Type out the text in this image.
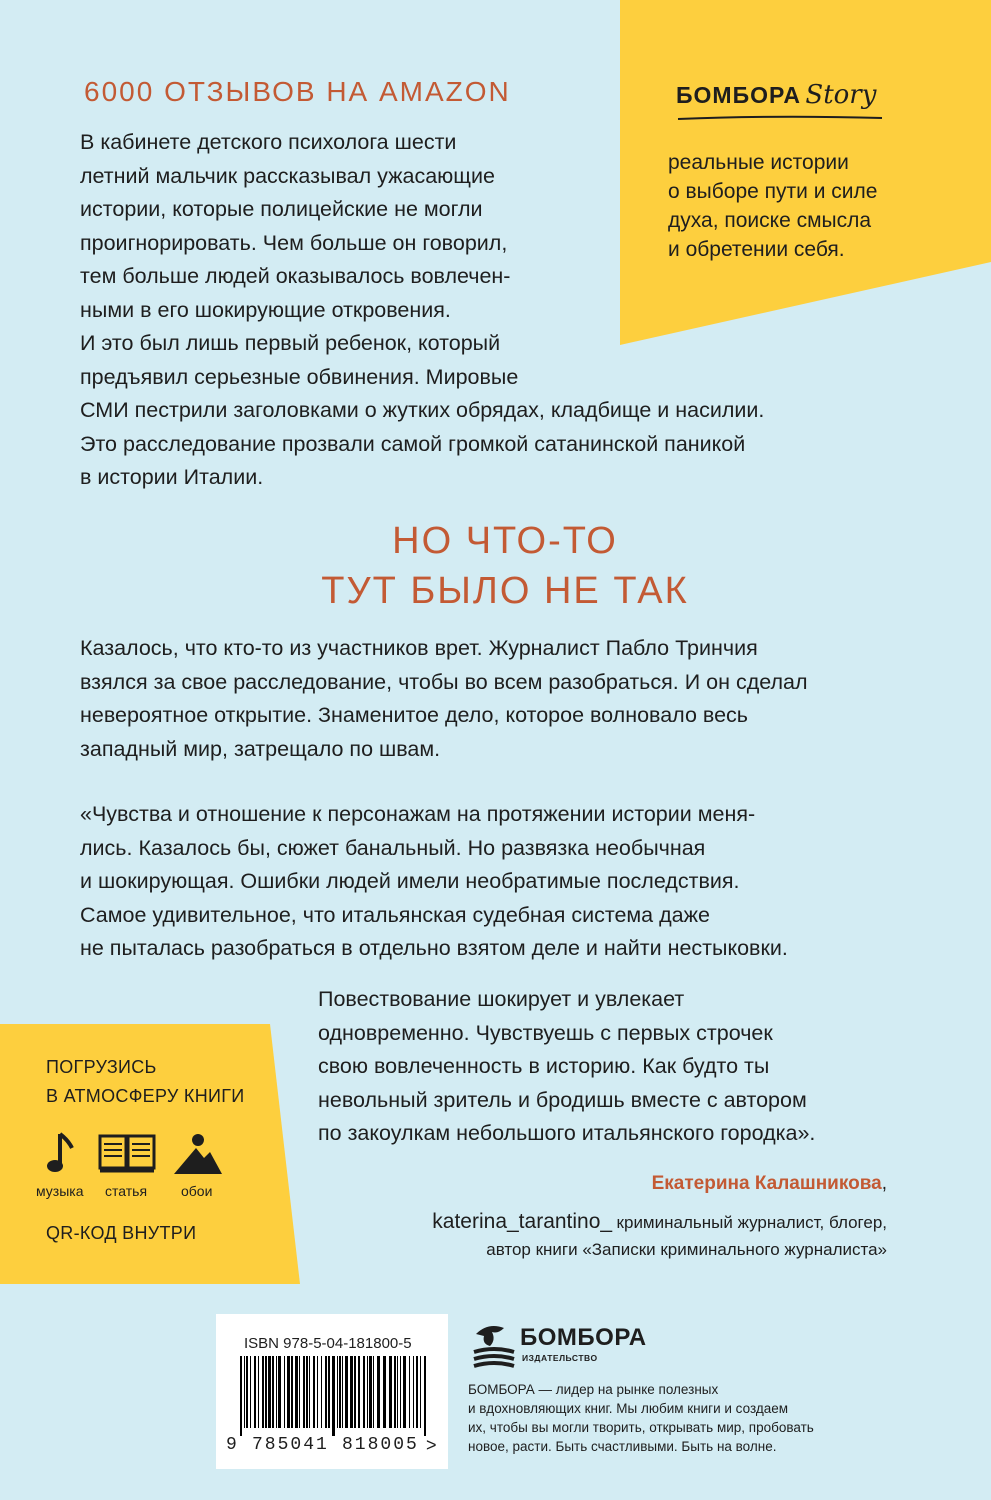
БОМБОРА Story
реальные истории
о выборе пути и силе
духа, поиске смысла
и обретении себя.
6000 ОТЗЫВОВ НА AMAZON
В кабинете детского психолога шести
летний мальчик рассказывал ужасающие
истории, которые полицейские не могли
проигнорировать. Чем больше он говорил,
тем больше людей оказывалось вовлечен-
ными в его шокирующие откровения.
И это был лишь первый ребенок, который
предъявил серьезные обвинения. Мировые
СМИ пестрили заголовками о жутких обрядах, кладбище и насилии.
Это расследование прозвали самой громкой сатанинской паникой
в истории Италии.
НО ЧТО-ТО
ТУТ БЫЛО НЕ ТАК
Казалось, что кто-то из участников врет. Журналист Пабло Тринчия
взялся за свое расследование, чтобы во всем разобраться. И он сделал
невероятное открытие. Знаменитое дело, которое волновало весь
западный мир, затрещало по швам.
«Чувства и отношение к персонажам на протяжении истории меня-
лись. Казалось бы, сюжет банальный. Но развязка необычная
и шокирующая. Ошибки людей имели необратимые последствия.
Самое удивительное, что итальянская судебная система даже
не пыталась разобраться в отдельно взятом деле и найти нестыковки.
Повествование шокирует и увлекает
одновременно. Чувствуешь с первых строчек
свою вовлеченность в историю. Как будто ты
невольный зритель и бродишь вместе с автором
по закоулкам небольшого итальянского городка».
Екатерина Калашникова,
katerina_tarantino_ криминальный журналист, блогер,
автор книги «Записки криминального журналиста»
ПОГРУЗИСЬ
В АТМОСФЕРУ КНИГИ
музыка статья обои
QR-КОД ВНУТРИ
ISBN 978-5-04-181800-5
9 785041 818005 >
БОМБОРА
ИЗДАТЕЛЬСТВО
БОМБОРА — лидер на рынке полезных
и вдохновляющих книг. Мы любим книги и создаем
их, чтобы вы могли творить, открывать мир, пробовать
новое, расти. Быть счастливыми. Быть на волне.
